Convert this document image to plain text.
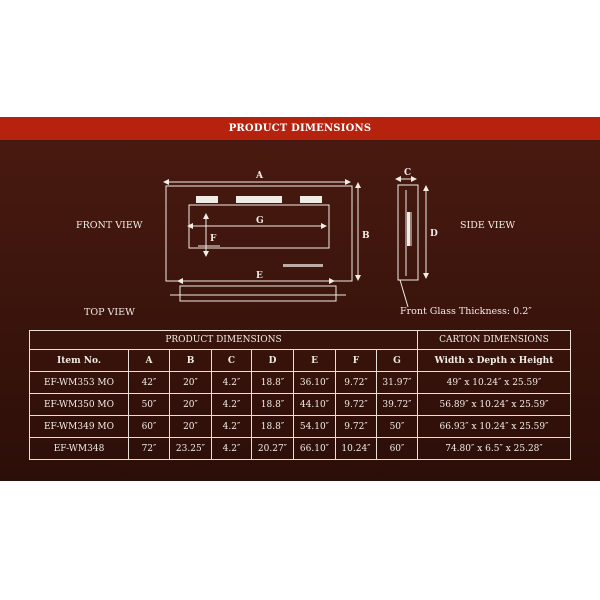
PRODUCT DIMENSIONS
FRONT VIEW	SIDE VIEW
TOP VIEW	Front Glass Thickness: 0.2″
A
G
F	B
E
C
D
PRODUCT DIMENSIONS								CARTON DIMENSIONS
Item No.	A	B	C	D	E	F	G	Width x Depth x Height
EF-WM353 MO	42″	20″	4.2″	18.8″	36.10″	9.72″	31.97″	49″ x 10.24″ x 25.59″
EF-WM350 MO	50″	20″	4.2″	18.8″	44.10″	9.72″	39.72″	56.89″ x 10.24″ x 25.59″
EF-WM349 MO	60″	20″	4.2″	18.8″	54.10″	9.72″	50″	66.93″ x 10.24″ x 25.59″
EF-WM348	72″	23.25″	4.2″	20.27″	66.10″	10.24″	60″	74.80″ x 6.5″ x 25.28″
